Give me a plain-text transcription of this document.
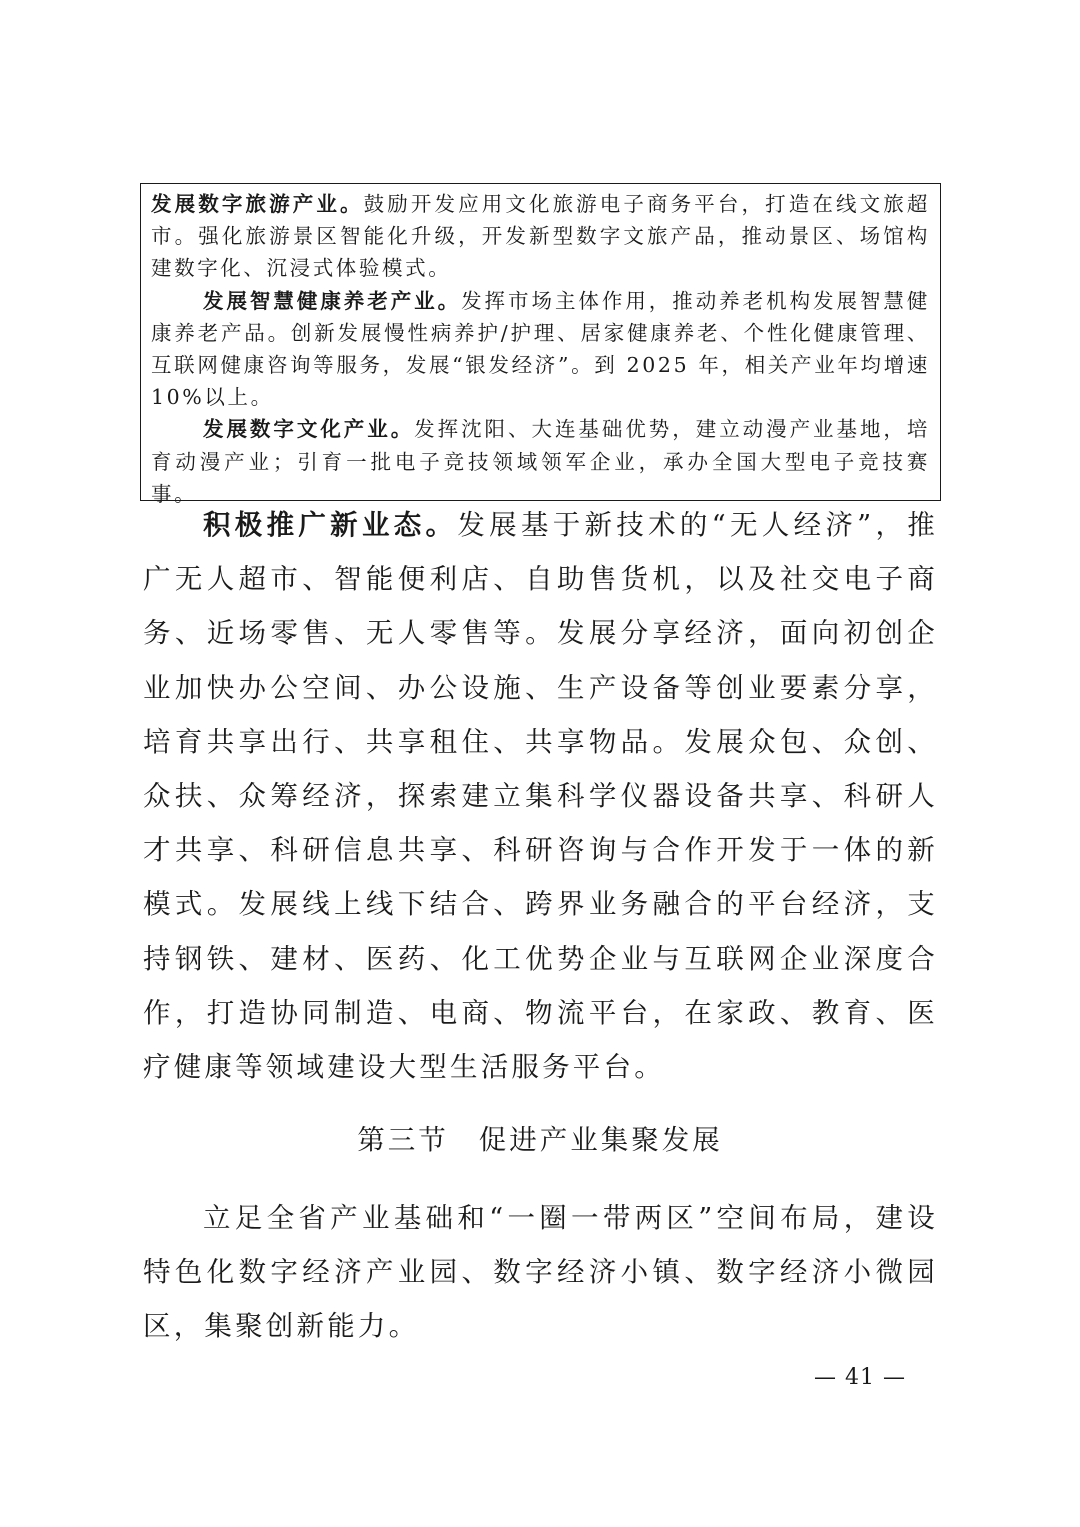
发展数字旅游产业。鼓励开发应用文化旅游电子商务平台，打造在线文旅超市。强化旅游景区智能化升级，开发新型数字文旅产品，推动景区、场馆构建数字化、沉浸式体验模式。

发展智慧健康养老产业。发挥市场主体作用，推动养老机构发展智慧健康养老产品。创新发展慢性病养护/护理、居家健康养老、个性化健康管理、互联网健康咨询等服务，发展“银发经济”。到 2025 年，相关产业年均增速 10%以上。

发展数字文化产业。发挥沈阳、大连基础优势，建立动漫产业基地，培育动漫产业；引育一批电子竞技领域领军企业，承办全国大型电子竞技赛事。

积极推广新业态。发展基于新技术的“无人经济”，推广无人超市、智能便利店、自助售货机，以及社交电子商务、近场零售、无人零售等。发展分享经济，面向初创企业加快办公空间、办公设施、生产设备等创业要素分享，培育共享出行、共享租住、共享物品。发展众包、众创、众扶、众筹经济，探索建立集科学仪器设备共享、科研人才共享、科研信息共享、科研咨询与合作开发于一体的新模式。发展线上线下结合、跨界业务融合的平台经济，支持钢铁、建材、医药、化工优势企业与互联网企业深度合作，打造协同制造、电商、物流平台，在家政、教育、医疗健康等领域建设大型生活服务平台。

第三节 促进产业集聚发展

立足全省产业基础和“一圈一带两区”空间布局，建设特色化数字经济产业园、数字经济小镇、数字经济小微园区，集聚创新能力。

— 41 —
